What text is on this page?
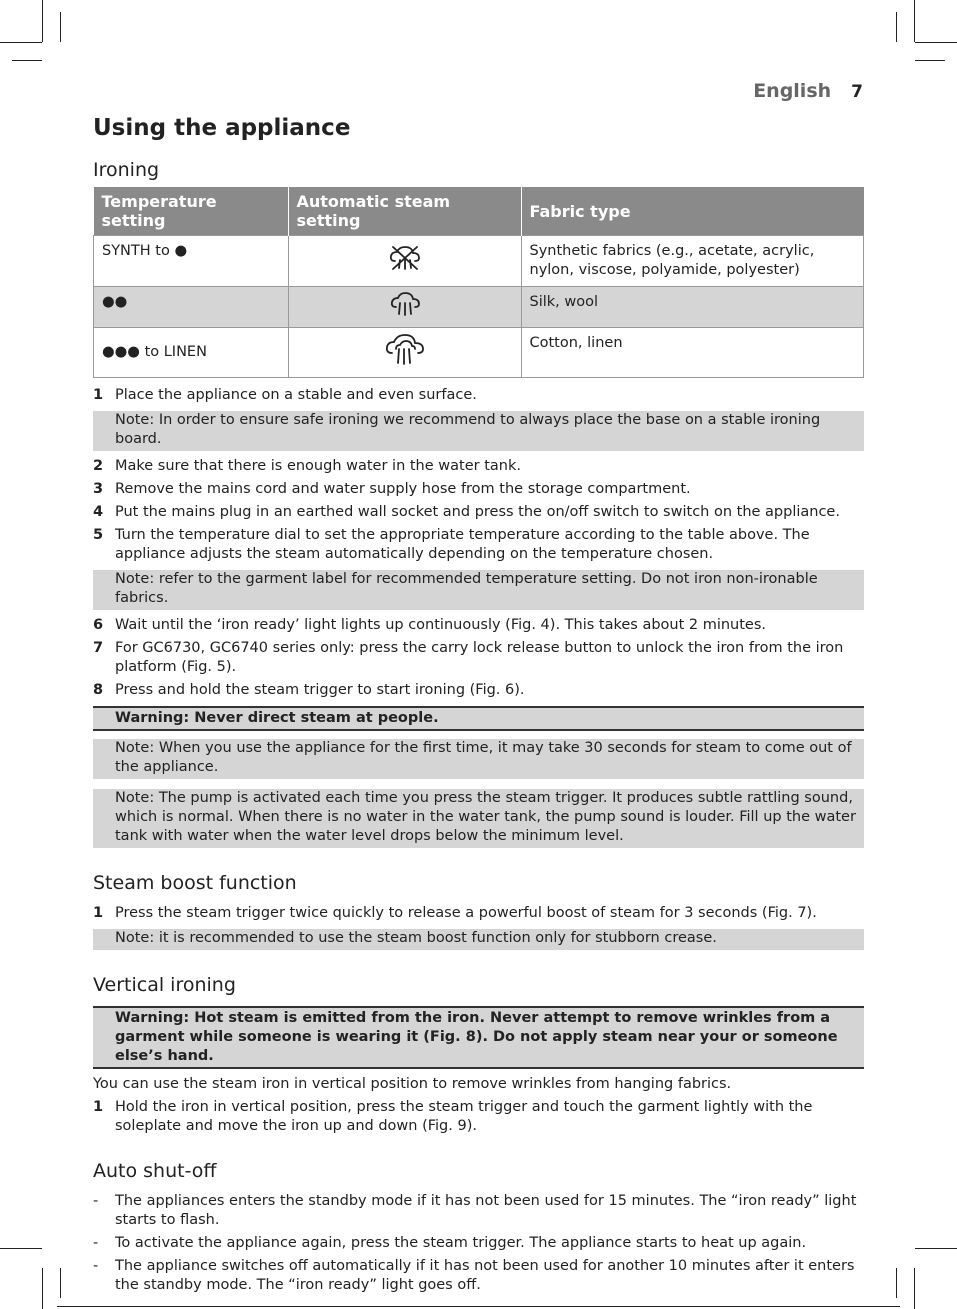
English 7
Using the appliance
Ironing
Temperature setting	Automatic steam setting	Fabric type
SYNTH to ●		Synthetic fabrics (e.g., acetate, acrylic, nylon, viscose, polyamide, polyester)
●●		Silk, wool
●●● to LINEN		Cotton, linen
1 Place the appliance on a stable and even surface.
Note: In order to ensure safe ironing we recommend to always place the base on a stable ironing board.
2 Make sure that there is enough water in the water tank.
3 Remove the mains cord and water supply hose from the storage compartment.
4 Put the mains plug in an earthed wall socket and press the on/off switch to switch on the appliance.
5 Turn the temperature dial to set the appropriate temperature according to the table above. The appliance adjusts the steam automatically depending on the temperature chosen.
Note: refer to the garment label for recommended temperature setting. Do not iron non-ironable fabrics.
6 Wait until the ‘iron ready’ light lights up continuously (Fig. 4). This takes about 2 minutes.
7 For GC6730, GC6740 series only: press the carry lock release button to unlock the iron from the iron platform (Fig. 5).
8 Press and hold the steam trigger to start ironing (Fig. 6).
Warning: Never direct steam at people.
Note: When you use the appliance for the first time, it may take 30 seconds for steam to come out of the appliance.
Note: The pump is activated each time you press the steam trigger. It produces subtle rattling sound, which is normal. When there is no water in the water tank, the pump sound is louder. Fill up the water tank with water when the water level drops below the minimum level.
Steam boost function
1 Press the steam trigger twice quickly to release a powerful boost of steam for 3 seconds (Fig. 7).
Note: it is recommended to use the steam boost function only for stubborn crease.
Vertical ironing
Warning: Hot steam is emitted from the iron. Never attempt to remove wrinkles from a garment while someone is wearing it (Fig. 8). Do not apply steam near your or someone else’s hand.

You can use the steam iron in vertical position to remove wrinkles from hanging fabrics.

1 Hold the iron in vertical position, press the steam trigger and touch the garment lightly with the soleplate and move the iron up and down (Fig. 9).
Auto shut-off
-	The appliances enters the standby mode if it has not been used for 15 minutes. The “iron ready” light starts to flash.
-	To activate the appliance again, press the steam trigger. The appliance starts to heat up again.
-	The appliance switches off automatically if it has not been used for another 10 minutes after it enters the standby mode. The “iron ready” light goes off.
